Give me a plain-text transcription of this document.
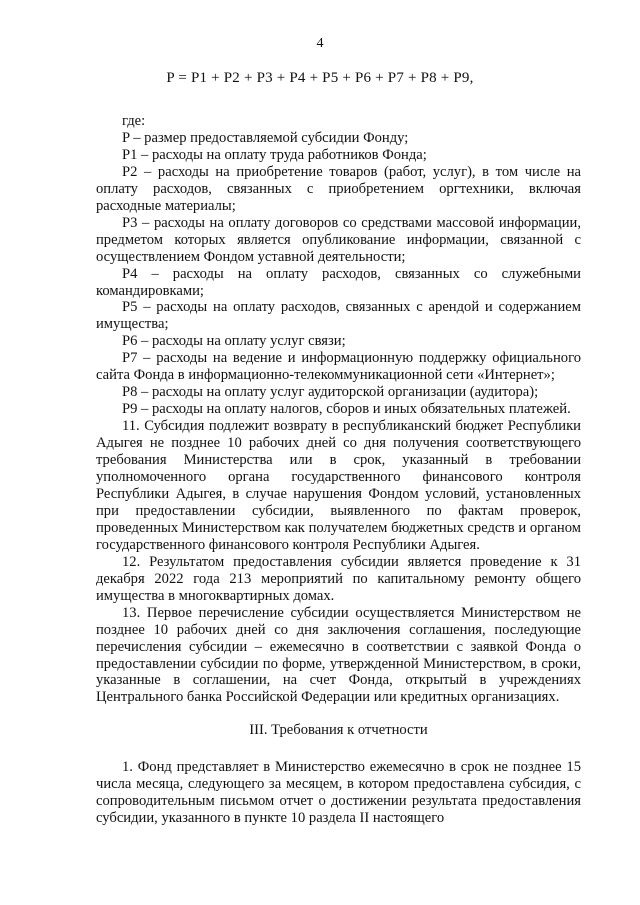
4
P = P1 + P2 + P3 + P4 + P5 + P6 + P7 + P8 + P9,

где:

P – размер предоставляемой субсидии Фонду;

P1 – расходы на оплату труда работников Фонда;

P2 – расходы на приобретение товаров (работ, услуг), в том числе на оплату расходов, связанных с приобретением оргтехники, включая расходные материалы;

P3 – расходы на оплату договоров со средствами массовой информации, предметом которых является опубликование информации, связанной с осуществлением Фондом уставной деятельности;

P4 – расходы на оплату расходов, связанных со служебными командировками;

P5 – расходы на оплату расходов, связанных с арендой и содержанием имущества;

P6 – расходы на оплату услуг связи;

P7 – расходы на ведение и информационную поддержку официального сайта Фонда в информационно-телекоммуникационной сети «Интернет»;

P8 – расходы на оплату услуг аудиторской организации (аудитора);

P9 – расходы на оплату налогов, сборов и иных обязательных платежей.

11. Субсидия подлежит возврату в республиканский бюджет Республики Адыгея не позднее 10 рабочих дней со дня получения соответствующего требования Министерства или в срок, указанный в требовании уполномоченного органа государственного финансового контроля Республики Адыгея, в случае нарушения Фондом условий, установленных при предоставлении субсидии, выявленного по фактам проверок, проведенных Министерством как получателем бюджетных средств и органом государственного финансового контроля Республики Адыгея.

12. Результатом предоставления субсидии является проведение к 31 декабря 2022 года 213 мероприятий по капитальному ремонту общего имущества в многоквартирных домах.

13. Первое перечисление субсидии осуществляется Министерством не позднее 10 рабочих дней со дня заключения соглашения, последующие перечисления субсидии – ежемесячно в соответствии с заявкой Фонда о предоставлении субсидии по форме, утвержденной Министерством, в сроки, указанные в соглашении, на счет Фонда, открытый в учреждениях Центрального банка Российской Федерации или кредитных организациях.

III. Требования к отчетности

1. Фонд представляет в Министерство ежемесячно в срок не позднее 15 числа месяца, следующего за месяцем, в котором предоставлена субсидия, с сопроводительным письмом отчет о достижении результата предоставления субсидии, указанного в пункте 10 раздела II настоящего
